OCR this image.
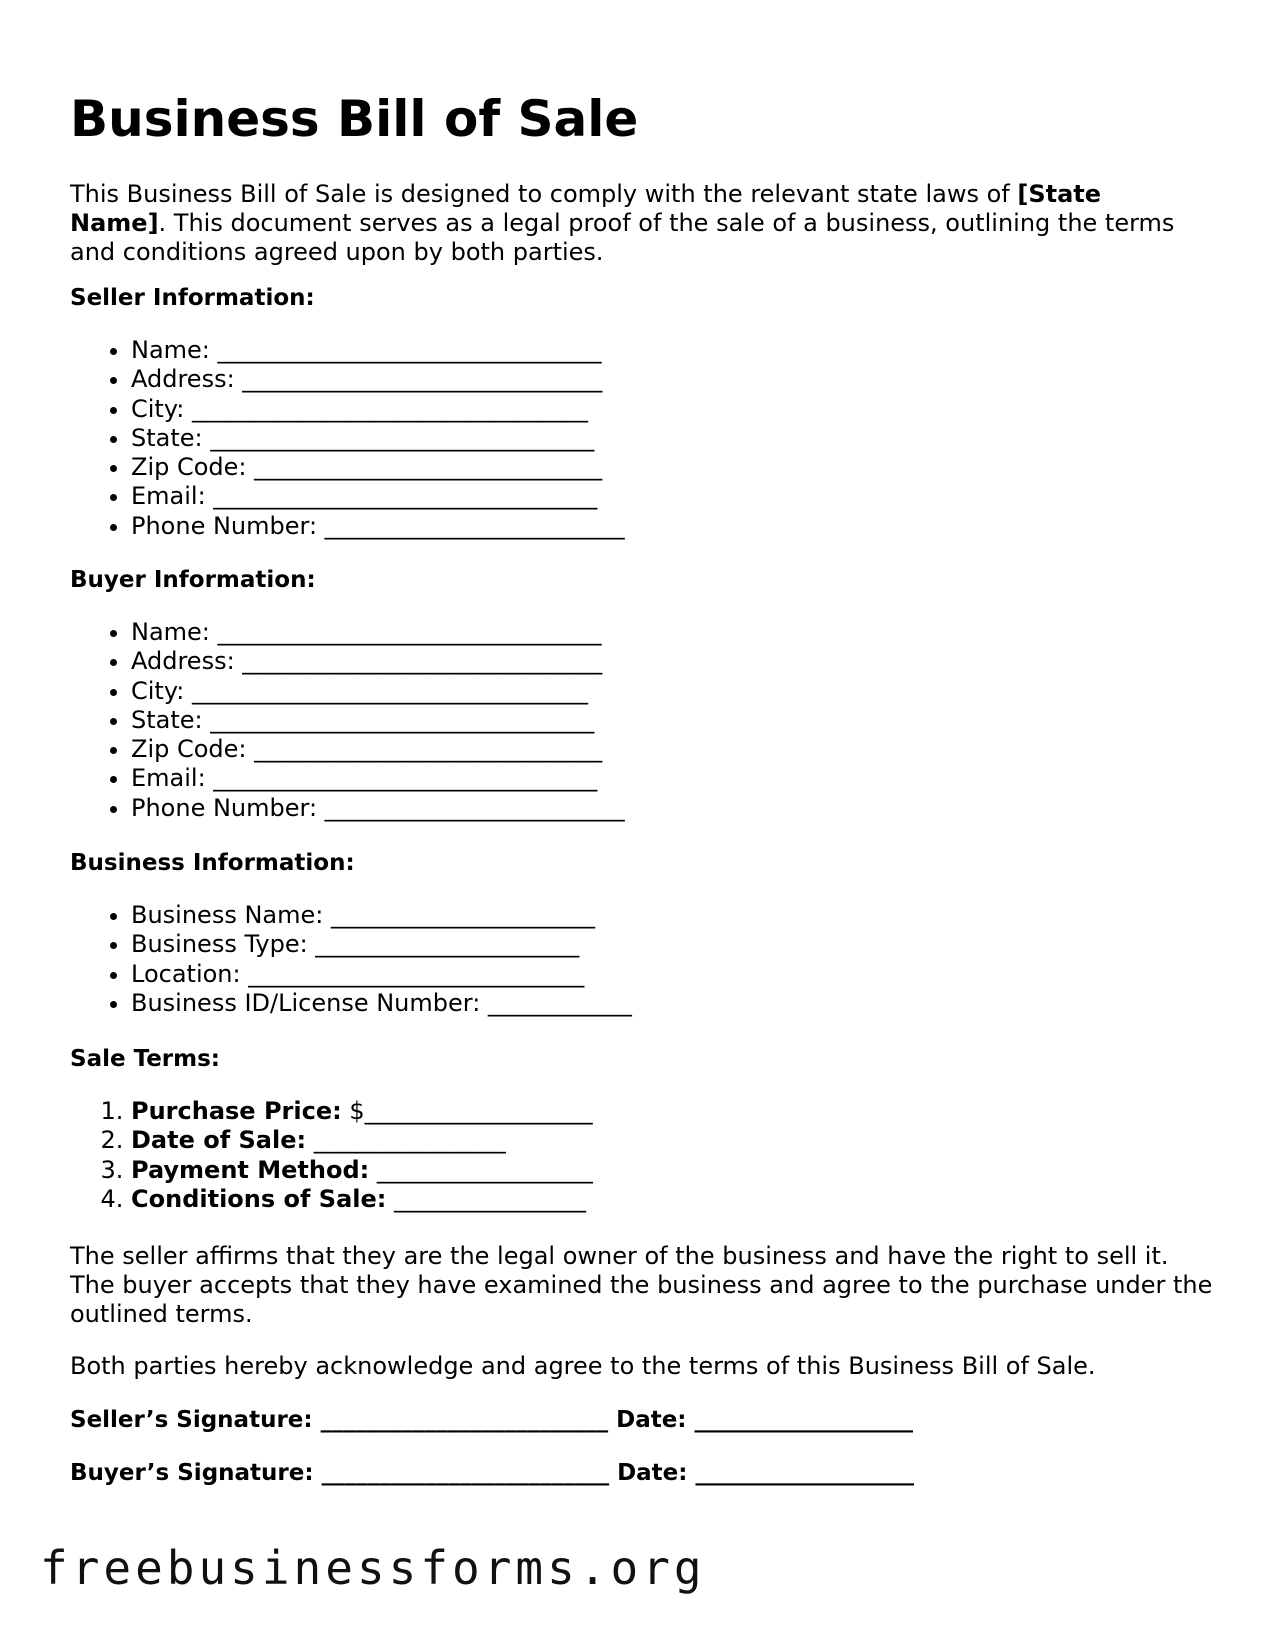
Business Bill of Sale

This Business Bill of Sale is designed to comply with the relevant state laws of [State Name]. This document serves as a legal proof of the sale of a business, outlining the terms and conditions agreed upon by both parties.

Seller Information:

• Name: ________________________________
• Address: ______________________________
• City: _________________________________
• State: ________________________________
• Zip Code: _____________________________
• Email: ________________________________
• Phone Number: _________________________

Buyer Information:

• Name: ________________________________
• Address: ______________________________
• City: _________________________________
• State: ________________________________
• Zip Code: _____________________________
• Email: ________________________________
• Phone Number: _________________________

Business Information:

• Business Name: ______________________
• Business Type: ______________________
• Location: ____________________________
• Business ID/License Number: ____________

Sale Terms:

1. Purchase Price: $___________________
2. Date of Sale: ________________
3. Payment Method: __________________
4. Conditions of Sale: ________________

The seller affirms that they are the legal owner of the business and have the right to sell it. The buyer accepts that they have examined the business and agree to the purchase under the outlined terms.

Both parties hereby acknowledge and agree to the terms of this Business Bill of Sale.

Seller’s Signature: _________________________ Date: ___________________

Buyer’s Signature: _________________________ Date: ___________________

freebusinessforms.org
